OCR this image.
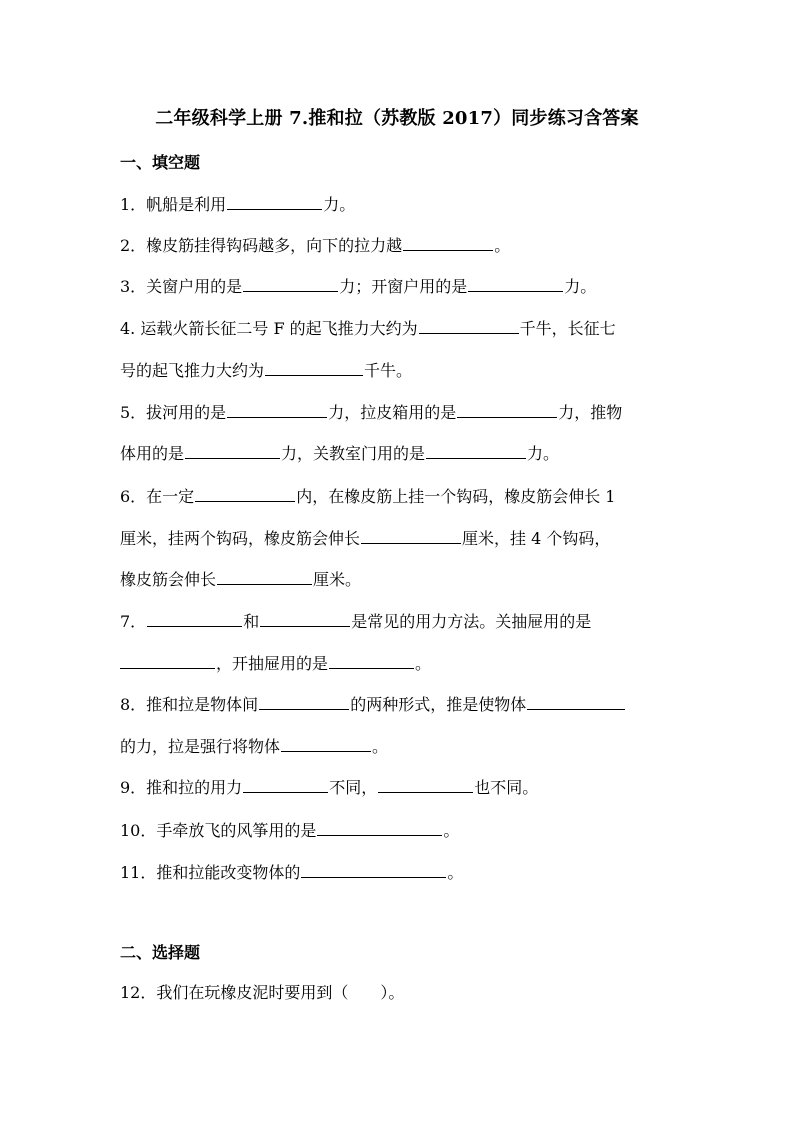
二年级科学上册 7.推和拉（苏教版 2017）同步练习含答案
一、填空题
1．帆船是利用	力。
2．橡皮筋挂得钩码越多，向下的拉力越	。
3．关窗户用的是	力；开窗户用的是	力。
4. 运载火箭长征二号 F 的起飞推力大约为	千牛，长征七
号的起飞推力大约为	千牛。
5．拔河用的是	力，拉皮箱用的是	力，推物
体用的是	力，关教室门用的是	力。
6．在一定	内，在橡皮筋上挂一个钩码，橡皮筋会伸长 1
厘米，挂两个钩码，橡皮筋会伸长	厘米，挂 4 个钩码，
橡皮筋会伸长	厘米。
7．	和	是常见的用力方法。关抽屉用的是
，开抽屉用的是	。
8．推和拉是物体间	的两种形式，推是使物体
的力，拉是强行将物体	。
9．推和拉的用力	不同，	也不同。
10．手牵放飞的风筝用的是	。
11．推和拉能改变物体的	。
二、选择题
12．我们在玩橡皮泥时要用到（　　）。
